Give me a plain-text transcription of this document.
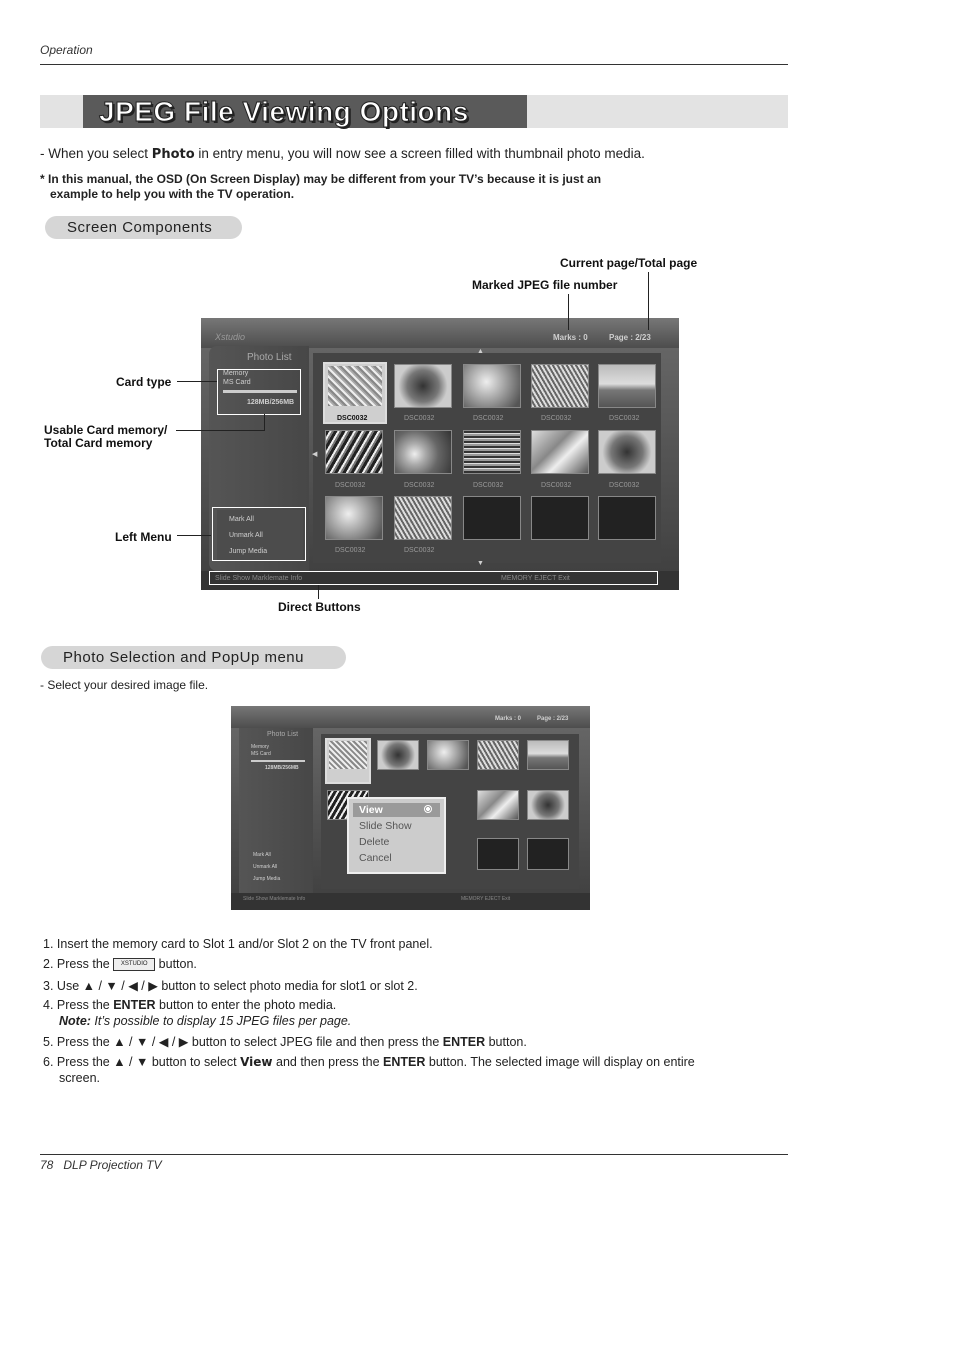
Operation
JPEG File Viewing Options
- When you select Photo in entry menu, you will now see a screen filled with thumbnail photo media.
* In this manual, the OSD (On Screen Display) may be different from your TV’s because it is just an
example to help you with the TV operation.
Screen Components
Current page/Total page
Marked JPEG file number
Card type
Usable Card memory/
Total Card memory
Left Menu
Direct Buttons
Xstudio	Marks : 0	Page : 2/23
Photo List
Memory
MS Card
128MB/256MB
Mark All
Unmark All
Jump Media
▲
▼
◀
DSC0032	DSC0032	DSC0032	DSC0032	DSC0032
DSC0032	DSC0032	DSC0032	DSC0032	DSC0032
DSC0032	DSC0032
Slide Show Marklemate Info	MEMORY EJECT Exit
Photo Selection and PopUp menu
- Select your desired image file.
Marks : 0	Page : 2/23
Photo List
Memory
MS Card
128MB/256MB
Mark All
Unmark All
Jump Media
Slide Show Marklemate Info	MEMORY EJECT Exit
View
Slide Show
Delete
Cancel
1. Insert the memory card to Slot 1 and/or Slot 2 on the TV front panel.
2. Press the XSTUDIO button.
3. Use ▲ / ▼ / ◀ / ▶ button to select photo media for slot1 or slot 2.
4. Press the ENTER button to enter the photo media.
Note: It’s possible to display 15 JPEG files per page.
5. Press the ▲ / ▼ / ◀ / ▶ button to select JPEG file and then press the ENTER button.
6. Press the ▲ / ▼ button to select View and then press the ENTER button. The selected image will display on entire
screen.
78   DLP Projection TV
